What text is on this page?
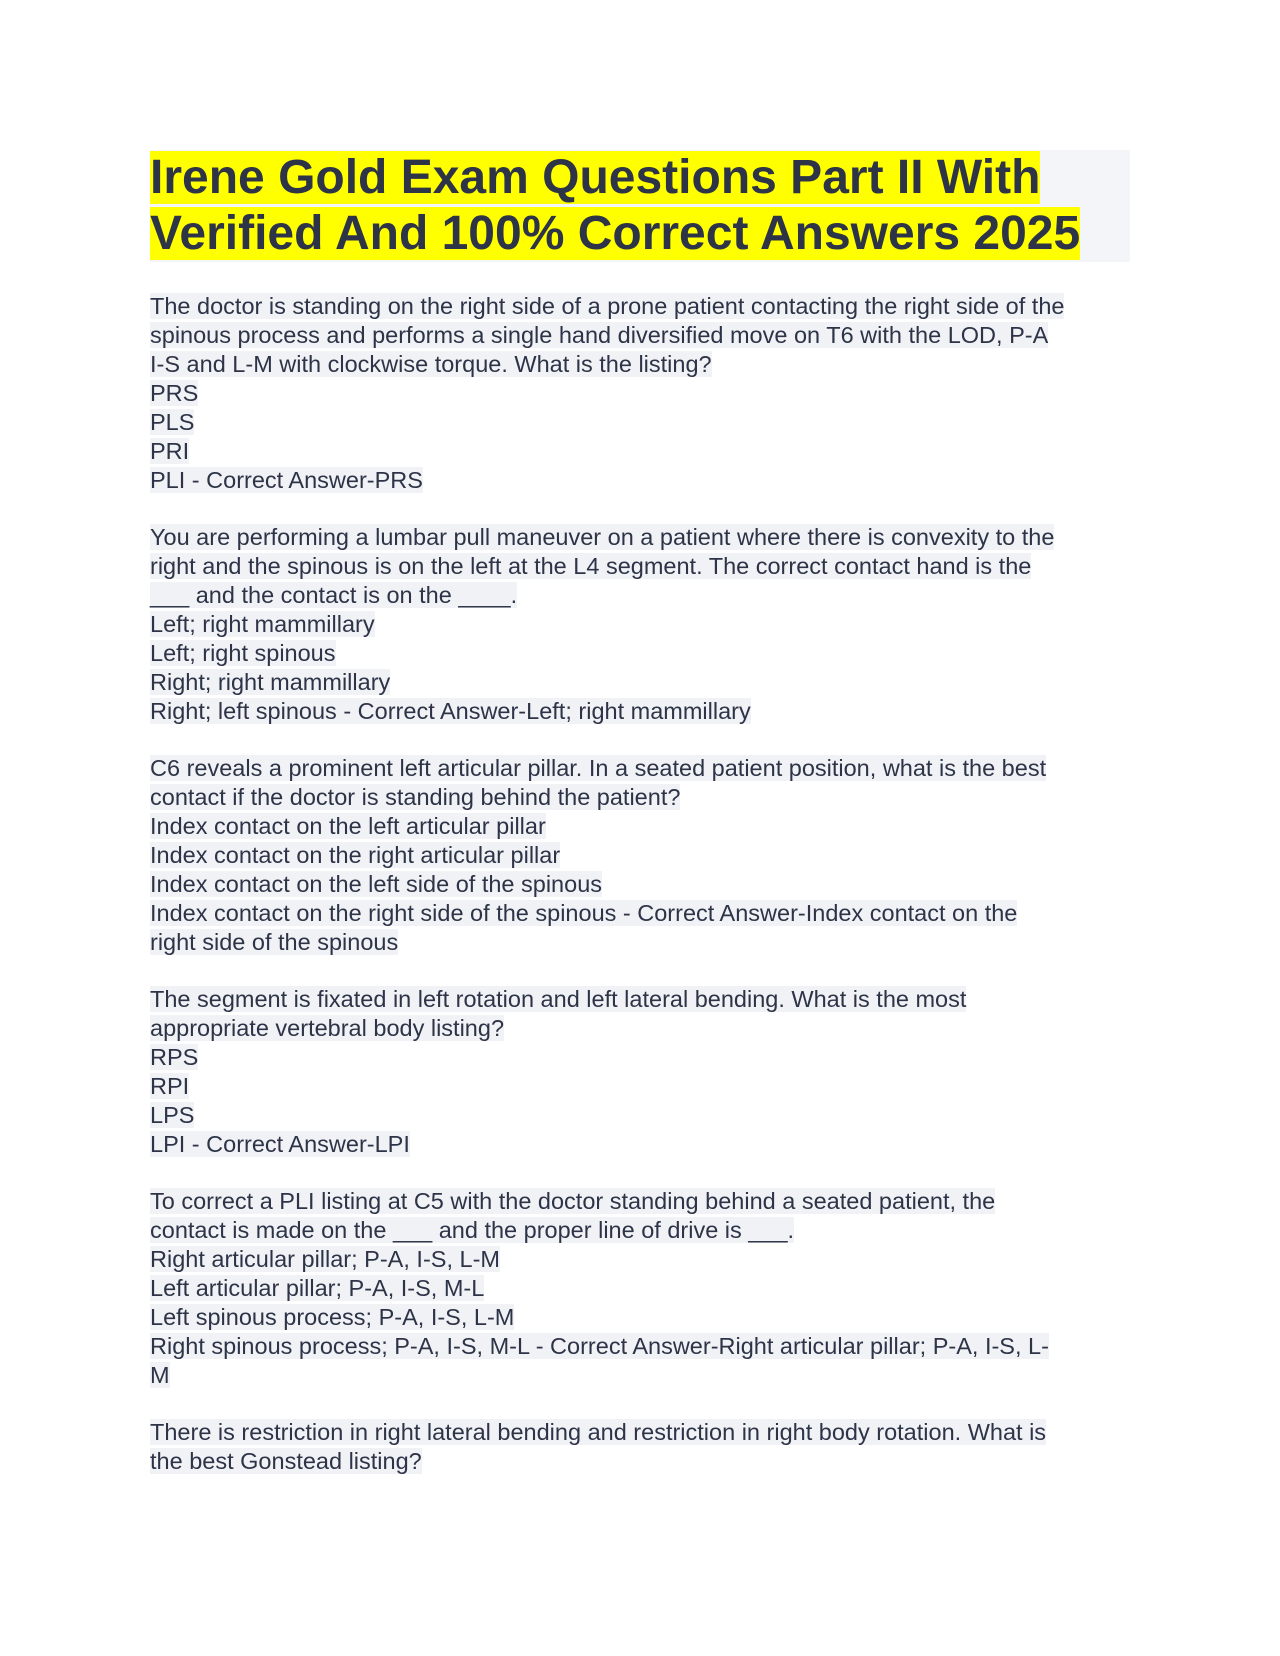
Irene Gold Exam Questions Part II With
Verified And 100% Correct Answers 2025
The doctor is standing on the right side of a prone patient contacting the right side of the
spinous process and performs a single hand diversified move on T6 with the LOD, P-A
I-S and L-M with clockwise torque. What is the listing?
PRS
PLS
PRI
PLI - Correct Answer-PRS
You are performing a lumbar pull maneuver on a patient where there is convexity to the
right and the spinous is on the left at the L4 segment. The correct contact hand is the
___ and the contact is on the ____.
Left; right mammillary
Left; right spinous
Right; right mammillary
Right; left spinous - Correct Answer-Left; right mammillary
C6 reveals a prominent left articular pillar. In a seated patient position, what is the best
contact if the doctor is standing behind the patient?
Index contact on the left articular pillar
Index contact on the right articular pillar
Index contact on the left side of the spinous
Index contact on the right side of the spinous - Correct Answer-Index contact on the
right side of the spinous
The segment is fixated in left rotation and left lateral bending. What is the most
appropriate vertebral body listing?
RPS
RPI
LPS
LPI - Correct Answer-LPI
To correct a PLI listing at C5 with the doctor standing behind a seated patient, the
contact is made on the ___ and the proper line of drive is ___.
Right articular pillar; P-A, I-S, L-M
Left articular pillar; P-A, I-S, M-L
Left spinous process; P-A, I-S, L-M
Right spinous process; P-A, I-S, M-L - Correct Answer-Right articular pillar; P-A, I-S, L-
M
There is restriction in right lateral bending and restriction in right body rotation. What is
the best Gonstead listing?
